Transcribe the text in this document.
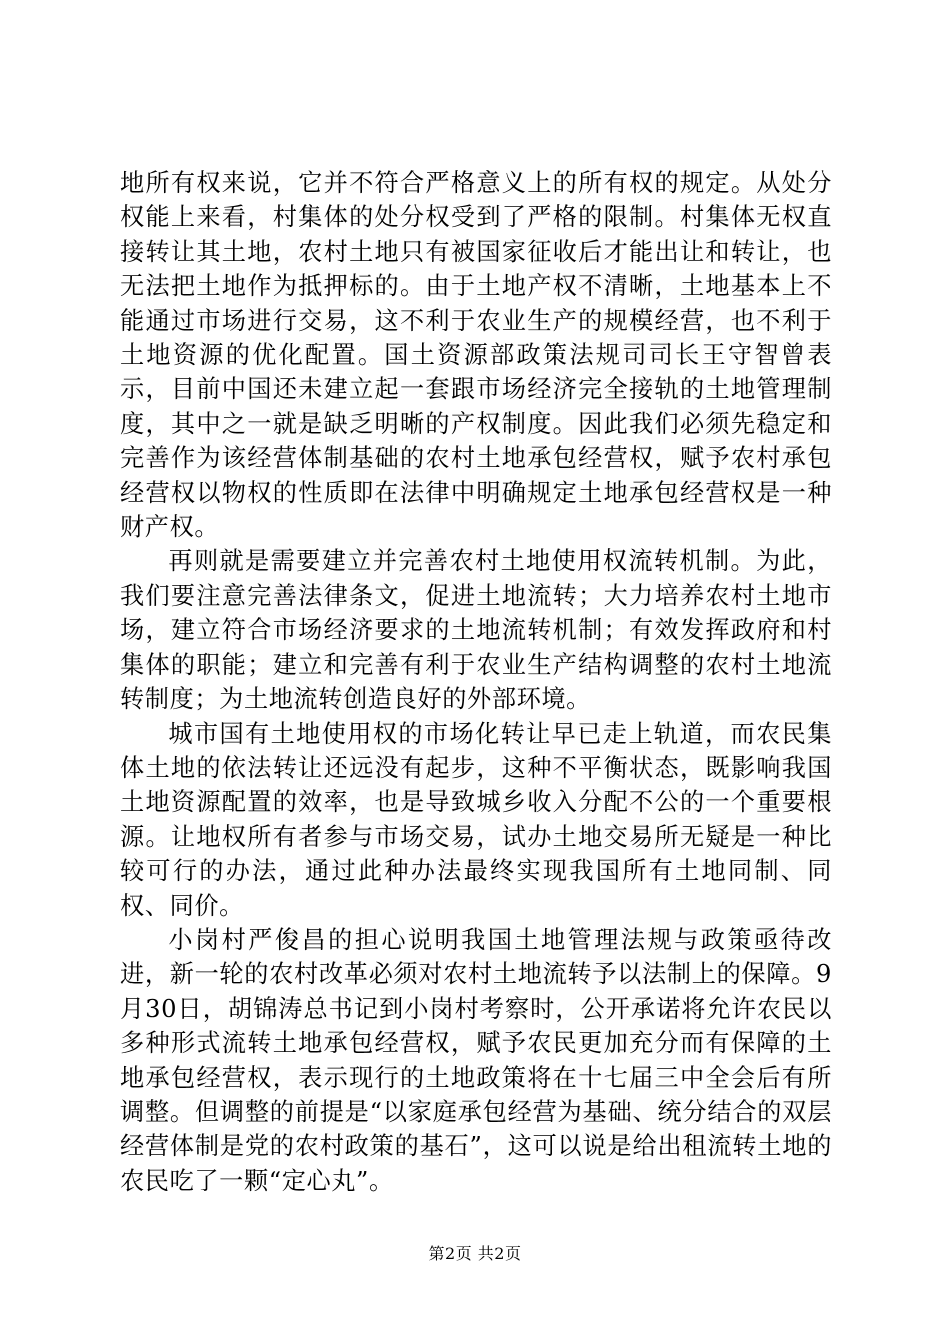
地所有权来说，它并不符合严格意义上的所有权的规定。从处分权能上来看，村集体的处分权受到了严格的限制。村集体无权直接转让其土地，农村土地只有被国家征收后才能出让和转让，也无法把土地作为抵押标的。由于土地产权不清晰，土地基本上不能通过市场进行交易，这不利于农业生产的规模经营，也不利于土地资源的优化配置。国土资源部政策法规司司长王守智曾表示，目前中国还未建立起一套跟市场经济完全接轨的土地管理制度，其中之一就是缺乏明晰的产权制度。因此我们必须先稳定和完善作为该经营体制基础的农村土地承包经营权，赋予农村承包经营权以物权的性质即在法律中明确规定土地承包经营权是一种财产权。

再则就是需要建立并完善农村土地使用权流转机制。为此，我们要注意完善法律条文，促进土地流转；大力培养农村土地市场，建立符合市场经济要求的土地流转机制；有效发挥政府和村集体的职能；建立和完善有利于农业生产结构调整的农村土地流转制度；为土地流转创造良好的外部环境。

城市国有土地使用权的市场化转让早已走上轨道，而农民集体土地的依法转让还远没有起步，这种不平衡状态，既影响我国土地资源配置的效率，也是导致城乡收入分配不公的一个重要根源。让地权所有者参与市场交易，试办土地交易所无疑是一种比较可行的办法，通过此种办法最终实现我国所有土地同制、同权、同价。

小岗村严俊昌的担心说明我国土地管理法规与政策亟待改进，新一轮的农村改革必须对农村土地流转予以法制上的保障。9月30日，胡锦涛总书记到小岗村考察时，公开承诺将允许农民以多种形式流转土地承包经营权，赋予农民更加充分而有保障的土地承包经营权，表示现行的土地政策将在十七届三中全会后有所调整。但调整的前提是“以家庭承包经营为基础、统分结合的双层经营体制是党的农村政策的基石”，这可以说是给出租流转土地的农民吃了一颗“定心丸”。

第2页 共2页
